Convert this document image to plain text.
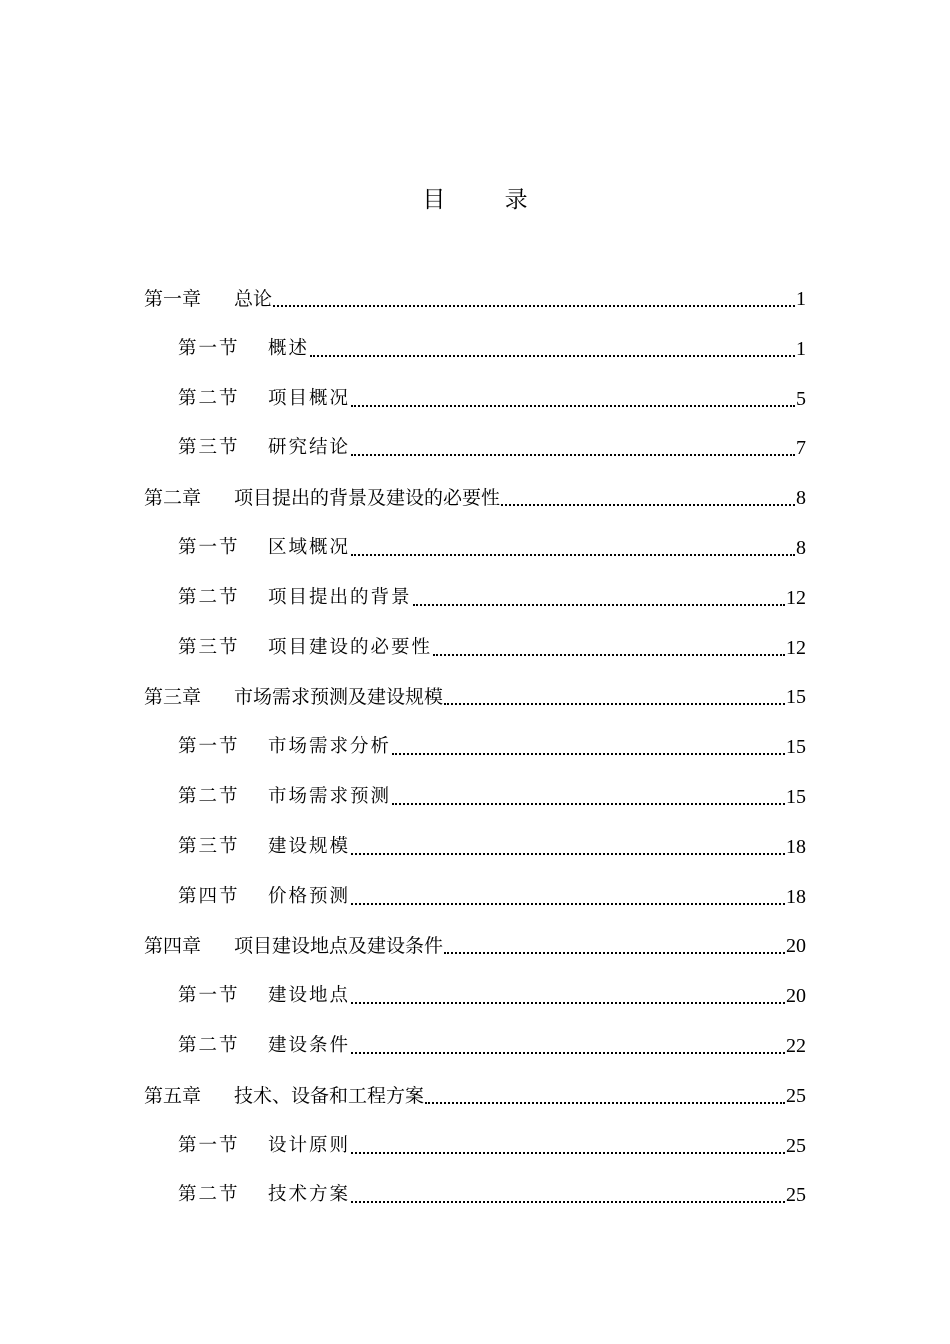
目 录
第一章	总论	1
第一节	概述	1
第二节	项目概况	5
第三节	研究结论	7
第二章	项目提出的背景及建设的必要性	8
第一节	区域概况	8
第二节	项目提出的背景	12
第三节	项目建设的必要性	12
第三章	市场需求预测及建设规模	15
第一节	市场需求分析	15
第二节	市场需求预测	15
第三节	建设规模	18
第四节	价格预测	18
第四章	项目建设地点及建设条件	20
第一节	建设地点	20
第二节	建设条件	22
第五章	技术、设备和工程方案	25
第一节	设计原则	25
第二节	技术方案	25
